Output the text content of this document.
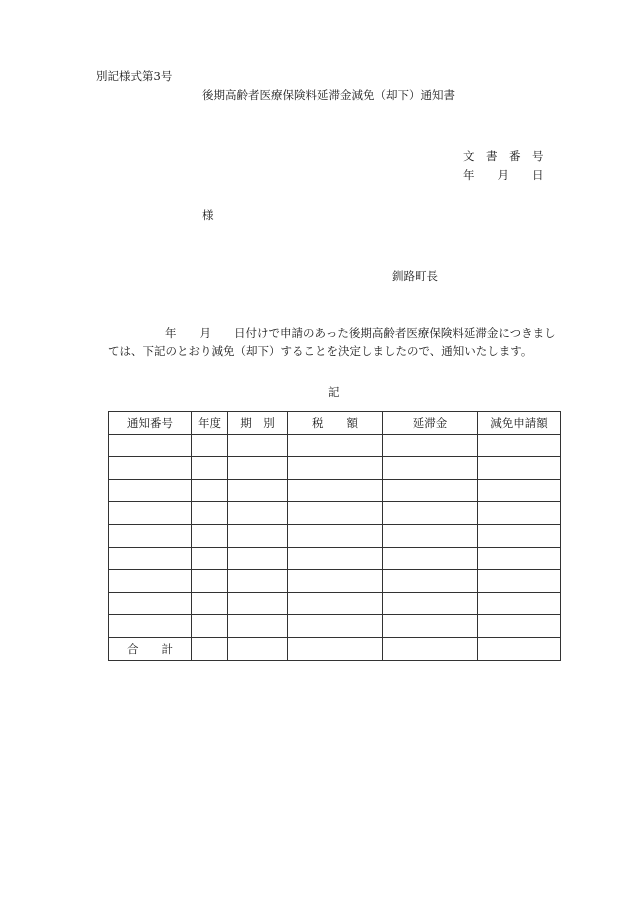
別記様式第3号
後期高齢者医療保険料延滞金減免（却下）通知書
文　書　番　号
年　　月　　日
様
釧路町長
年　　月　　日付けで申請のあった後期高齢者医療保険料延滞金につきまし
ては、下記のとおり減免（却下）することを決定しましたので、通知いたします。
記
通知番号	年度	期　別	税　　額	延滞金	減免申請額

合　　計					
